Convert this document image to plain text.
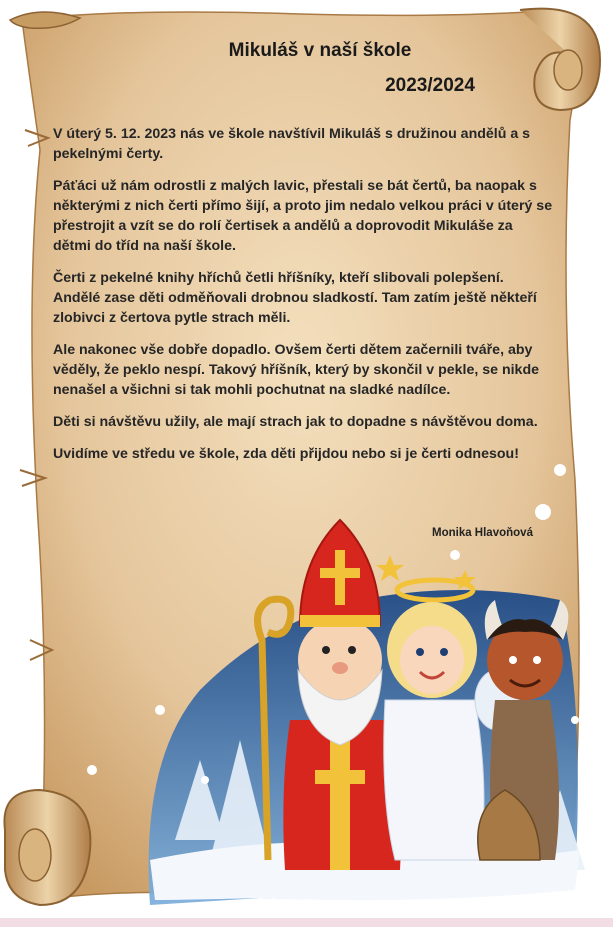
Mikuláš v naší škole
2023/2024

V úterý 5. 12. 2023 nás ve škole navštívil Mikuláš s družinou andělů a s pekelnými čerty.

Páťáci už nám odrostli z malých lavic, přestali se bát čertů, ba naopak s některými z nich čerti přímo šijí, a proto jim nedalo velkou práci v úterý se přestrojit a vzít se do rolí čertisek a andělů a doprovodit Mikuláše za dětmi do tříd na naší škole.

Čerti z pekelné knihy hříchů četli hříšníky, kteří slibovali polepšení. Andělé zase děti odměňovali drobnou sladkostí. Tam zatím ještě někteří zlobivci z čertova pytle strach měli.

Ale nakonec vše dobře dopadlo. Ovšem čerti dětem začernili tváře, aby věděly, že peklo nespí. Takový hříšník, který by skončil v pekle, se nikde nenašel a všichni si tak mohli pochutnat na sladké nadílce.

Děti si návštěvu užily, ale mají strach jak to dopadne s návštěvou doma.

Uvidíme ve středu ve škole, zda děti přijdou nebo si je čerti odnesou!

Monika Hlavoňová
